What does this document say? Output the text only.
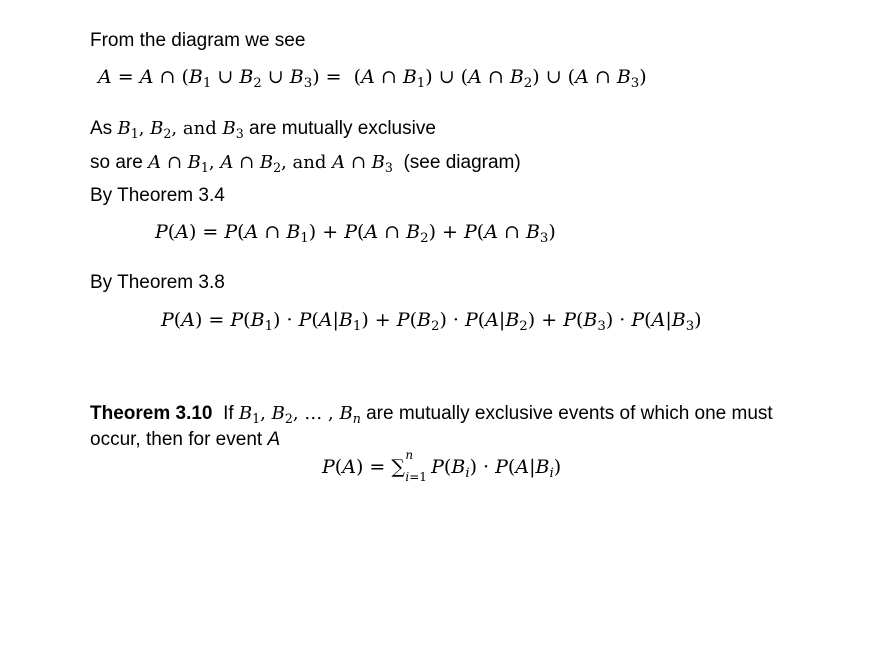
From the diagram we see
A = A ∩ ($B_1$ ∪ $B_2$ ∪ $B_3) = (A$ ∩ $B_1$) ∪ (A ∩ $B_2$) ∪ (A ∩ $B_3$)
As $B_1$, $B_2$, and $B_3$ are mutually exclusive
so are A ∩ $B_1$, A ∩ $B_2$, and A ∩ $B_3$ (see diagram)
By Theorem 3.4
P(A) = P(A ∩ $B_1) + P(A$ ∩ $B_2) + P(A$ ∩ $B_3$)
By Theorem 3.8
$P(A) = P(B_1) \cdot P(A|B_1) + P(B_2) \cdot P(A|B_2) + P(B_3) \cdot P(A|B_3)$
Theorem 3.10 If $B_1$, $B_2$, … , $B_n$ are mutually exclusive events of which one must
occur, then for event A
P(A) = ∑
n
i=1 $P(B_i) \cdot P(A|B_i)$
